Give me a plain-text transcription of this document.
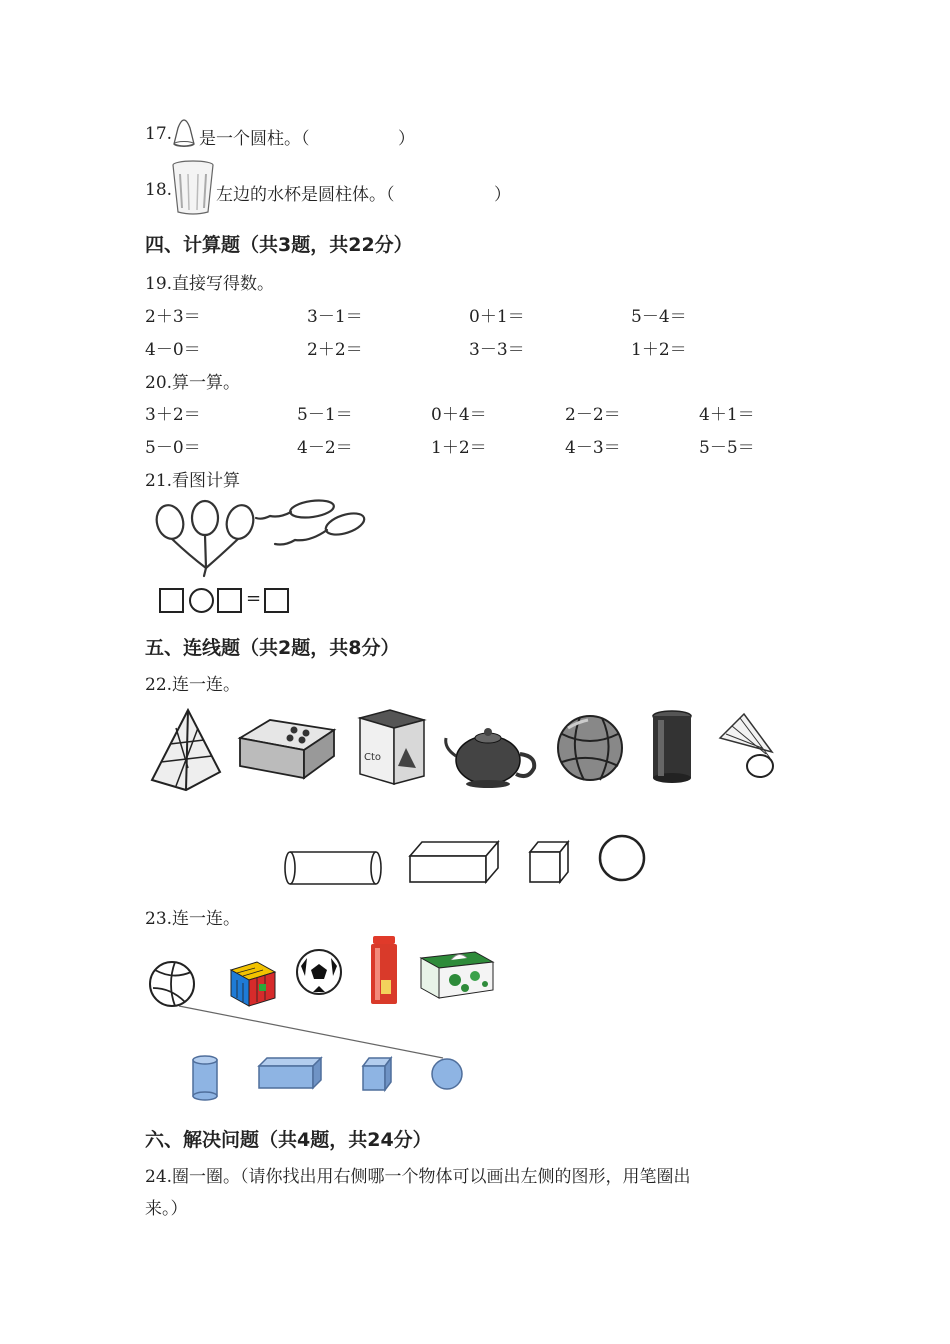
17. 是一个圆柱。（	）
18.	左边的水杯是圆柱体。（	）
四、计算题（共3题，共22分）
19.直接写得数。
2＋3＝	3－1＝	0＋1＝	5－4＝
4－0＝	2＋2＝	3－3＝	1＋2＝
20.算一算。
3＋2＝	5－1＝	0＋4＝	2－2＝	4＋1＝
5－0＝	4－2＝	1＋2＝	4－3＝	5－5＝
21.看图计算
=
五、连线题（共2题，共8分）
22.连一连。
Cto
23.连一连。
六、解决问题（共4题，共24分）
24.圈一圈。（请你找出用右侧哪一个物体可以画出左侧的图形，用笔圈出
来。）
